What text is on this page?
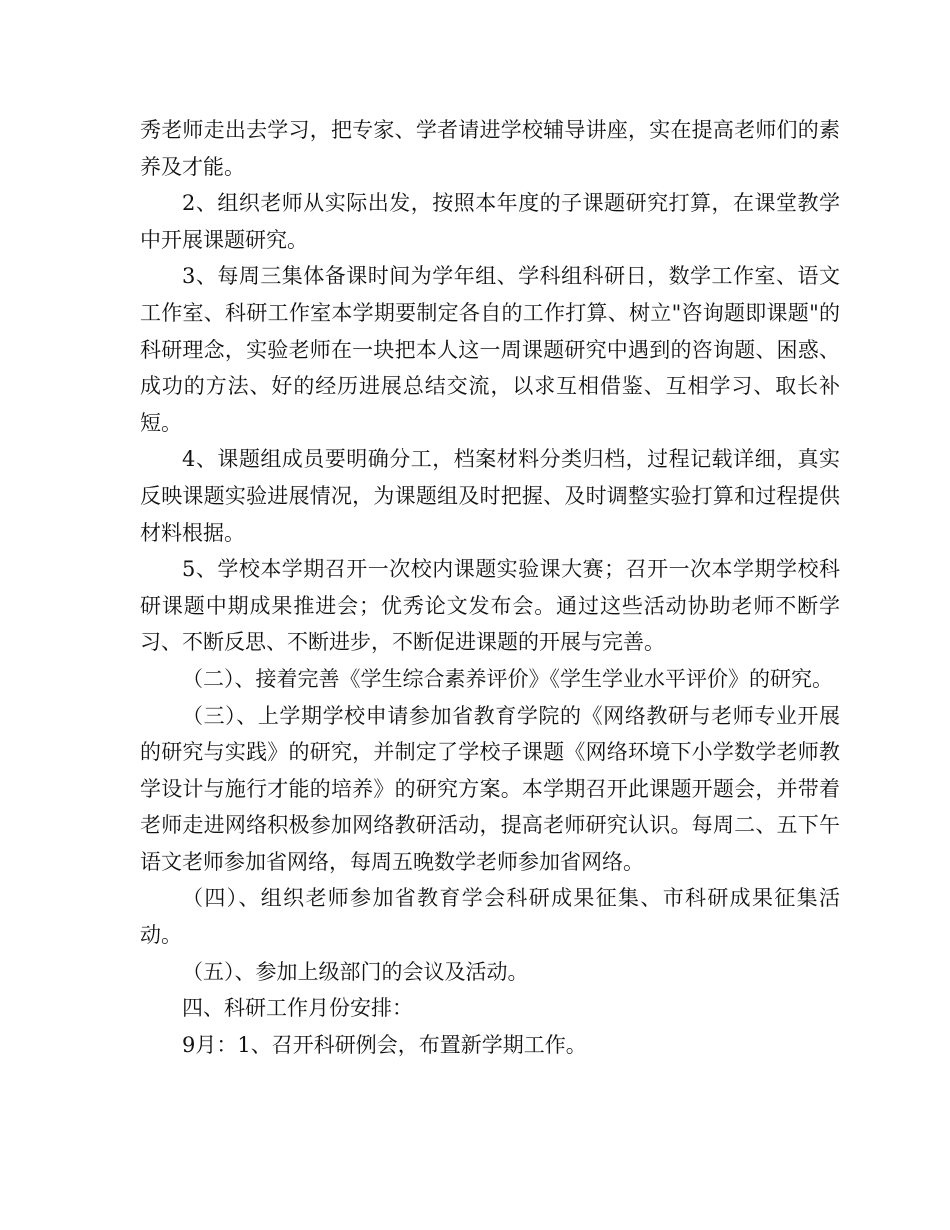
秀老师走出去学习，把专家、学者请进学校辅导讲座，实在提高老师们的素养及才能。

2、组织老师从实际出发，按照本年度的子课题研究打算，在课堂教学中开展课题研究。

3、每周三集体备课时间为学年组、学科组科研日，数学工作室、语文工作室、科研工作室本学期要制定各自的工作打算、树立"咨询题即课题"的科研理念，实验老师在一块把本人这一周课题研究中遇到的咨询题、困惑、成功的方法、好的经历进展总结交流，以求互相借鉴、互相学习、取长补短。

4、课题组成员要明确分工，档案材料分类归档，过程记载详细，真实反映课题实验进展情况，为课题组及时把握、及时调整实验打算和过程提供材料根据。

5、学校本学期召开一次校内课题实验课大赛；召开一次本学期学校科研课题中期成果推进会；优秀论文发布会。通过这些活动协助老师不断学习、不断反思、不断进步，不断促进课题的开展与完善。

（二）、接着完善《学生综合素养评价》《学生学业水平评价》的研究。

（三）、上学期学校申请参加省教育学院的《网络教研与老师专业开展的研究与实践》的研究，并制定了学校子课题《网络环境下小学数学老师教学设计与施行才能的培养》的研究方案。本学期召开此课题开题会，并带着老师走进网络积极参加网络教研活动，提高老师研究认识。每周二、五下午语文老师参加省网络，每周五晚数学老师参加省网络。

（四）、组织老师参加省教育学会科研成果征集、市科研成果征集活动。

（五）、参加上级部门的会议及活动。

四、科研工作月份安排：

9月：1、召开科研例会，布置新学期工作。
